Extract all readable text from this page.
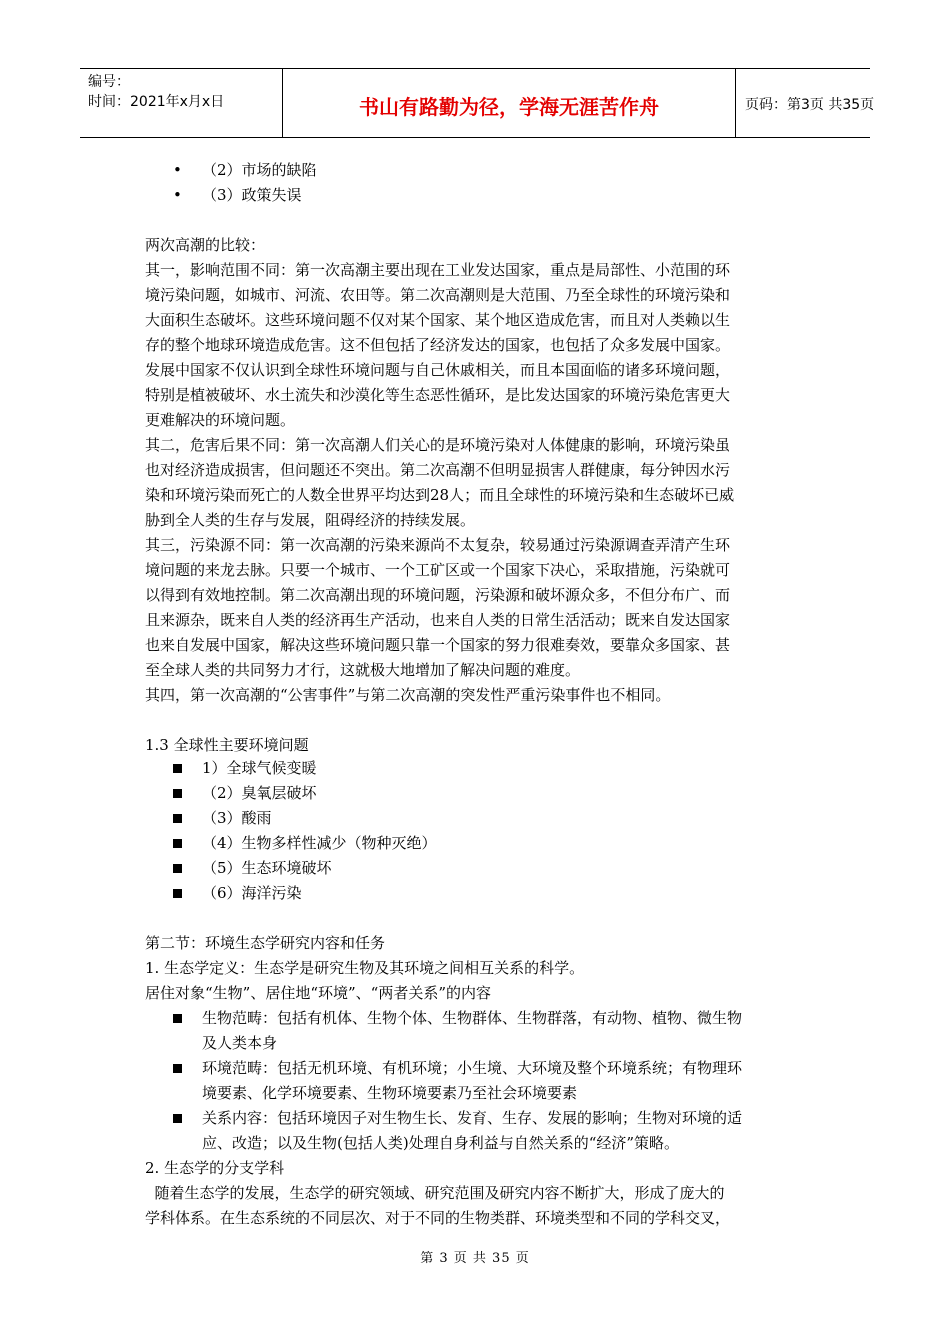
编号：
时间：2021年x月x日	书山有路勤为径，学海无涯苦作舟	页码：第3页 共35页
• （2）市场的缺陷
• （3）政策失误
两次高潮的比较：
其一，影响范围不同：第一次高潮主要出现在工业发达国家，重点是局部性、小范围的环
境污染问题，如城市、河流、农田等。第二次高潮则是大范围、乃至全球性的环境污染和
大面积生态破坏。这些环境问题不仅对某个国家、某个地区造成危害，而且对人类赖以生
存的整个地球环境造成危害。这不但包括了经济发达的国家，也包括了众多发展中国家。
发展中国家不仅认识到全球性环境问题与自己休戚相关，而且本国面临的诸多环境问题，
特别是植被破坏、水土流失和沙漠化等生态恶性循环，是比发达国家的环境污染危害更大
更难解决的环境问题。
其二，危害后果不同：第一次高潮人们关心的是环境污染对人体健康的影响，环境污染虽
也对经济造成损害，但问题还不突出。第二次高潮不但明显损害人群健康，每分钟因水污
染和环境污染而死亡的人数全世界平均达到28人；而且全球性的环境污染和生态破坏已威
胁到全人类的生存与发展，阻碍经济的持续发展。
其三，污染源不同：第一次高潮的污染来源尚不太复杂，较易通过污染源调查弄清产生环
境问题的来龙去脉。只要一个城市、一个工矿区或一个国家下决心，采取措施，污染就可
以得到有效地控制。第二次高潮出现的环境问题，污染源和破坏源众多，不但分布广、而
且来源杂，既来自人类的经济再生产活动，也来自人类的日常生活活动；既来自发达国家
也来自发展中国家，解决这些环境问题只靠一个国家的努力很难奏效，要靠众多国家、甚
至全球人类的共同努力才行，这就极大地增加了解决问题的难度。
其四，第一次高潮的“公害事件”与第二次高潮的突发性严重污染事件也不相同。
1.3 全球性主要环境问题
1）全球气候变暖
（2）臭氧层破坏
（3）酸雨
（4）生物多样性减少（物种灭绝）
（5）生态环境破坏
（6）海洋污染
第二节：环境生态学研究内容和任务
1. 生态学定义：生态学是研究生物及其环境之间相互关系的科学。
居住对象“生物”、居住地“环境”、“两者关系”的内容
生物范畴：包括有机体、生物个体、生物群体、生物群落，有动物、植物、微生物
及人类本身
环境范畴：包括无机环境、有机环境；小生境、大环境及整个环境系统；有物理环
境要素、化学环境要素、生物环境要素乃至社会环境要素
关系内容：包括环境因子对生物生长、发育、生存、发展的影响；生物对环境的适
应、改造；以及生物(包括人类)处理自身利益与自然关系的“经济”策略。
2. 生态学的分支学科
随着生态学的发展，生态学的研究领域、研究范围及研究内容不断扩大，形成了庞大的
学科体系。在生态系统的不同层次、对于不同的生物类群、环境类型和不同的学科交叉，
第 3 页 共 35 页
